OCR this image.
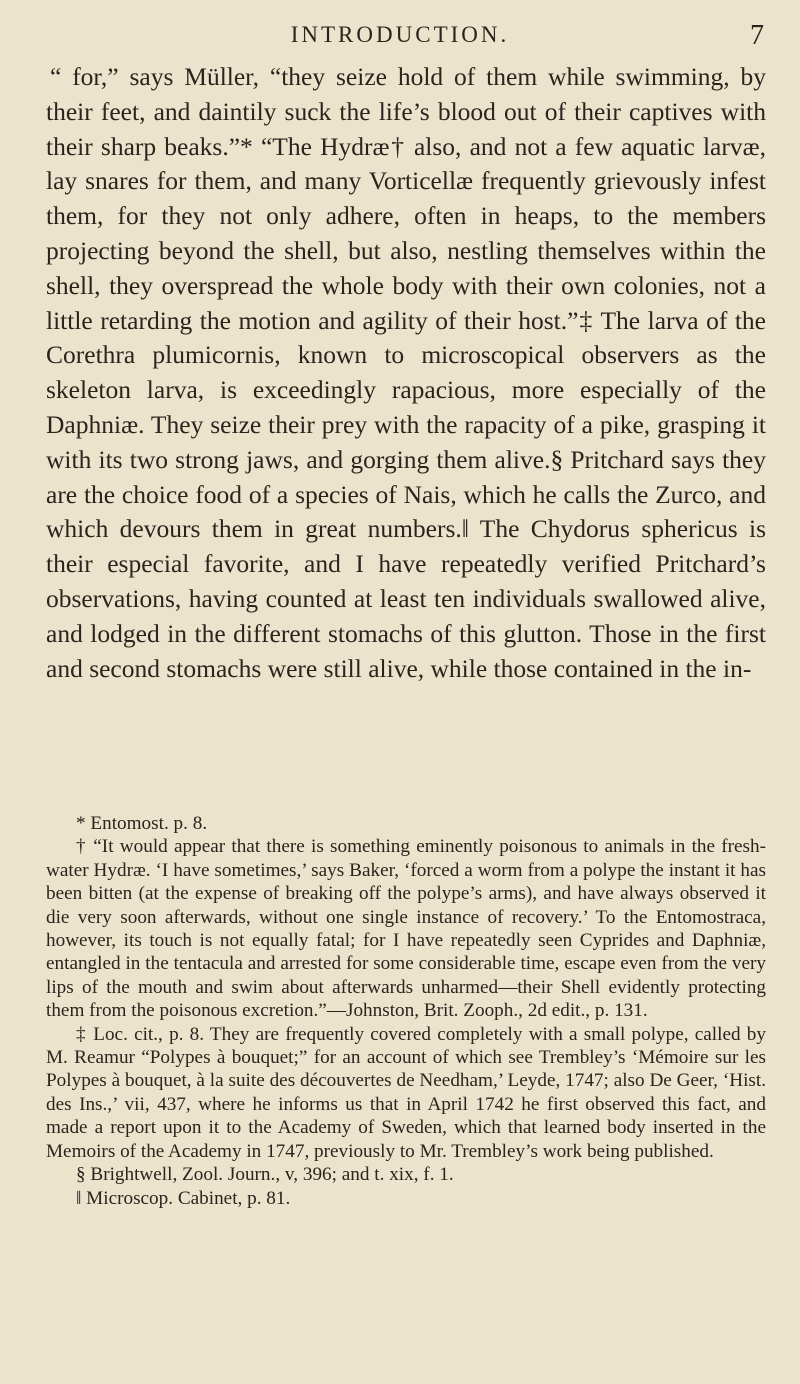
INTRODUCTION.	7

“ for,” says Müller, “they seize hold of them while swimming, by their feet, and daintily suck the life’s blood out of their captives with their sharp beaks.”* “The Hydræ† also, and not a few aquatic larvæ, lay snares for them, and many Vorticellæ frequently grievously infest them, for they not only adhere, often in heaps, to the members projecting beyond the shell, but also, nestling themselves within the shell, they overspread the whole body with their own colonies, not a little retarding the motion and agility of their host.”‡ The larva of the Corethra plumicornis, known to microscopical observers as the skeleton larva, is exceedingly rapacious, more especially of the Daphniæ. They seize their prey with the rapacity of a pike, grasping it with its two strong jaws, and gorging them alive.§ Pritchard says they are the choice food of a species of Nais, which he calls the Zurco, and which devours them in great numbers.‖ The Chydorus sphericus is their especial favorite, and I have repeatedly verified Pritchard’s observations, having counted at least ten individuals swallowed alive, and lodged in the different stomachs of this glutton. Those in the first and second stomachs were still alive, while those contained in the in-

* Entomost. p. 8.

† “It would appear that there is something eminently poisonous to animals in the fresh-water Hydræ. ‘I have sometimes,’ says Baker, ‘forced a worm from a polype the instant it has been bitten (at the expense of breaking off the polype’s arms), and have always observed it die very soon afterwards, without one single instance of recovery.’ To the Entomostraca, however, its touch is not equally fatal; for I have repeatedly seen Cyprides and Daphniæ, entangled in the tentacula and arrested for some considerable time, escape even from the very lips of the mouth and swim about afterwards unharmed—their Shell evidently protecting them from the poisonous excretion.”—Johnston, Brit. Zooph., 2d edit., p. 131.

‡ Loc. cit., p. 8. They are frequently covered completely with a small polype, called by M. Reamur “Polypes à bouquet;” for an account of which see Trembley’s ‘Mémoire sur les Polypes à bouquet, à la suite des découvertes de Needham,’ Leyde, 1747; also De Geer, ‘Hist. des Ins.,’ vii, 437, where he informs us that in April 1742 he first observed this fact, and made a report upon it to the Academy of Sweden, which that learned body inserted in the Memoirs of the Academy in 1747, previously to Mr. Trembley’s work being published.

§ Brightwell, Zool. Journ., v, 396; and t. xix, f. 1.

‖ Microscop. Cabinet, p. 81.
